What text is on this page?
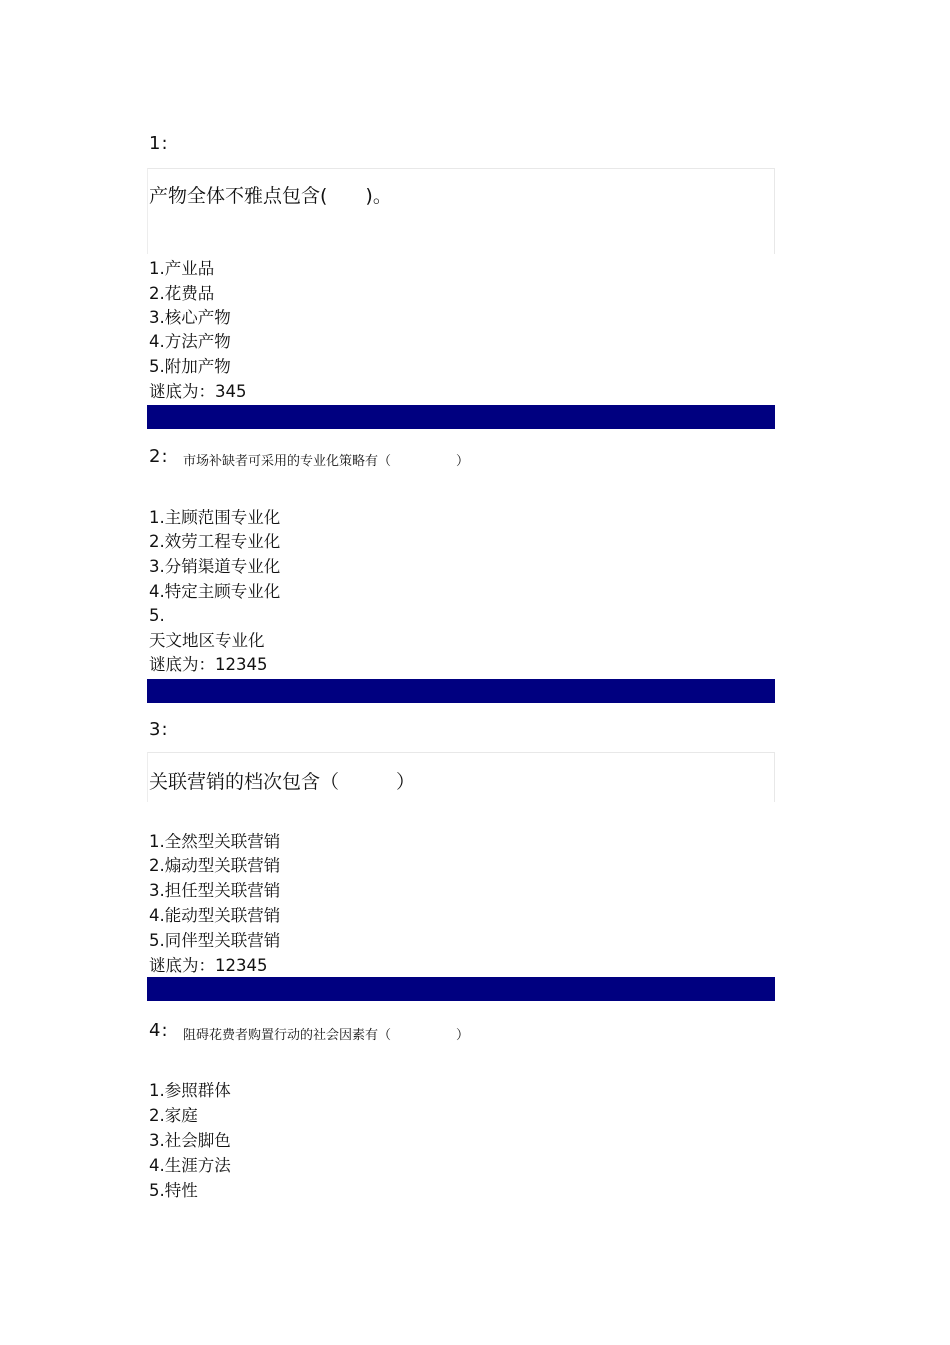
1:
产物全体不雅点包含(　　)。
1.产业品
2.花费品
3.核心产物
4.方法产物
5.附加产物
谜底为：345
2: 市场补缺者可采用的专业化策略有（　　　　　）
1.主顾范围专业化
2.效劳工程专业化
3.分销渠道专业化
4.特定主顾专业化
5.
天文地区专业化
谜底为：12345
3:
关联营销的档次包含（　　　）
1.全然型关联营销
2.煽动型关联营销
3.担任型关联营销
4.能动型关联营销
5.同伴型关联营销
谜底为：12345
4: 阻碍花费者购置行动的社会因素有（　　　　　）
1.参照群体
2.家庭
3.社会脚色
4.生涯方法
5.特性
